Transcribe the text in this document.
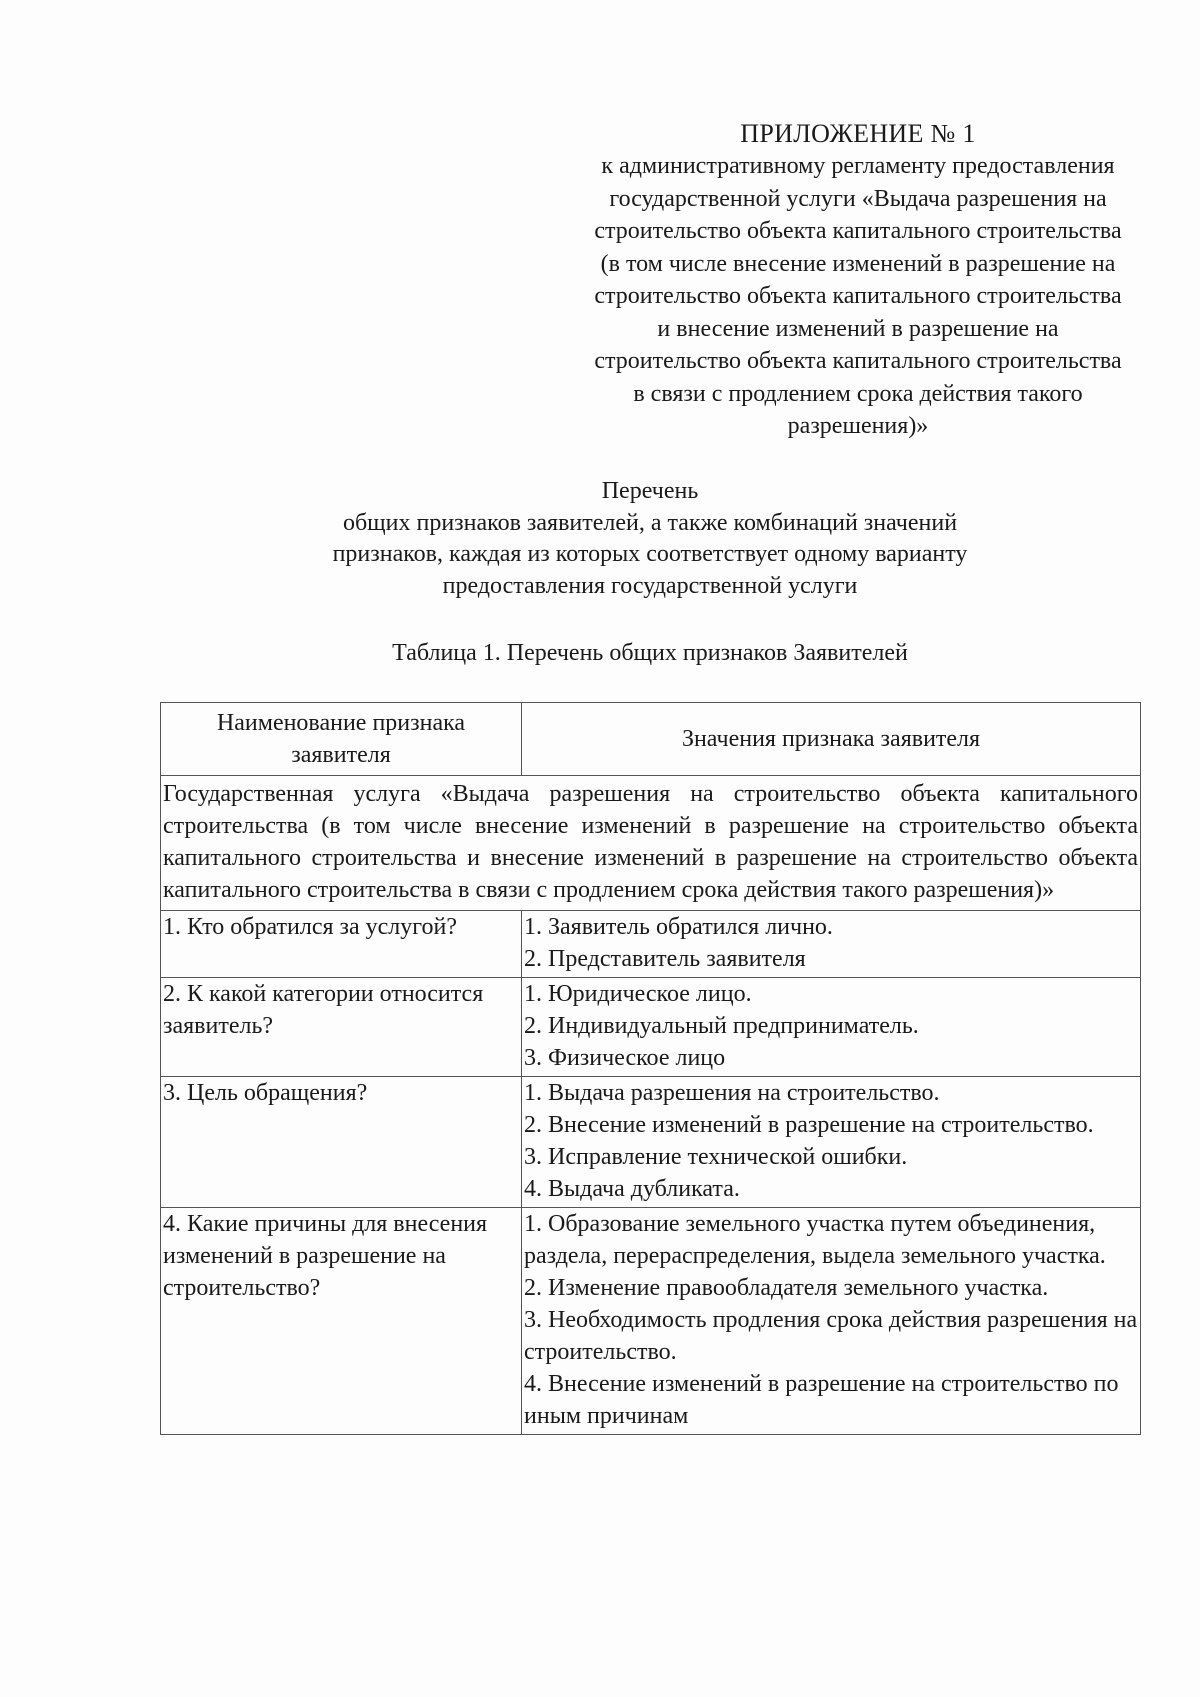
ПРИЛОЖЕНИЕ № 1

к административному регламенту предоставления

государственной услуги «Выдача разрешения на

строительство объекта капитального строительства

(в том числе внесение изменений в разрешение на

строительство объекта капитального строительства

и внесение изменений в разрешение на

строительство объекта капитального строительства

в связи с продлением срока действия такого

разрешения)»

Перечень

общих признаков заявителей, а также комбинаций значений

признаков, каждая из которых соответствует одному варианту

предоставления государственной услуги

Таблица 1. Перечень общих признаков Заявителей
Наименование признака заявителя	Значения признака заявителя
Государственная услуга «Выдача разрешения на строительство объекта капитального строительства (в том числе внесение изменений в разрешение на строительство объекта капитального строительства и внесение изменений в разрешение на строительство объекта капитального строительства в связи с продлением срока действия такого разрешения)»	
1. Кто обратился за услугой?	1. Заявитель обратился лично.
2. Представитель заявителя

2. К какой категории относится заявитель?	1. Юридическое лицо.
2. Индивидуальный предприниматель.
3. Физическое лицо

3. Цель обращения?	1. Выдача разрешения на строительство.
2. Внесение изменений в разрешение на строительство.
3. Исправление технической ошибки.
4. Выдача дубликата.

4. Какие причины для внесения изменений в разрешение на строительство?	1. Образование земельного участка путем объединения, раздела, перераспределения, выдела земельного участка.
2. Изменение правообладателя земельного участка.
3. Необходимость продления срока действия разрешения на строительство.
4. Внесение изменений в разрешение на строительство по иным причинам
